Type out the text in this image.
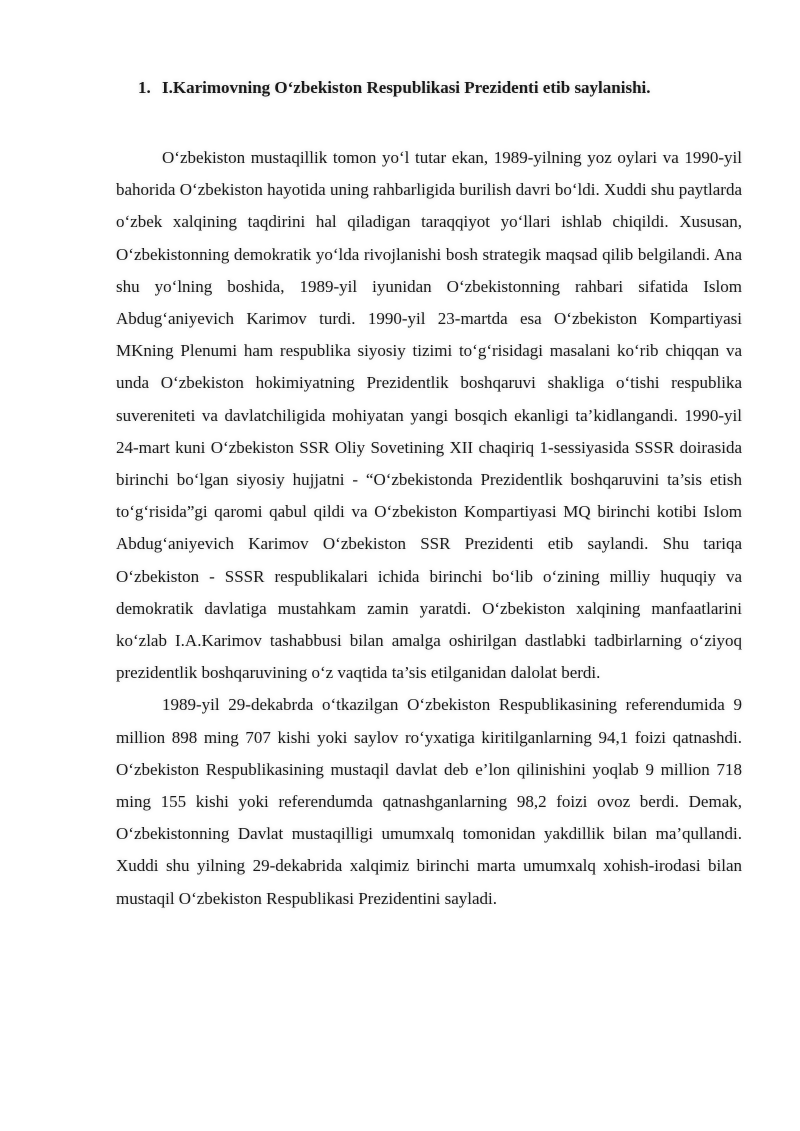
1. I.Karimovning O‘zbekiston Respublikasi Prezidenti etib saylanishi.

O‘zbekiston mustaqillik tomon yo‘l tutar ekan, 1989-yilning yoz oylari va 1990-yil bahorida O‘zbekiston hayotida uning rahbarligida burilish davri bo‘ldi. Xuddi shu paytlarda o‘zbek xalqining taqdirini hal qiladigan taraqqiyot yo‘llari ishlab chiqildi. Xususan, O‘zbekistonning demokratik yo‘lda rivojlanishi bosh strategik maqsad qilib belgilandi. Ana shu yo‘lning boshida, 1989-yil iyunidan O‘zbekistonning rahbari sifatida Islom Abdug‘aniyevich Karimov turdi. 1990-yil 23-martda esa O‘zbekiston Kompartiyasi MKning Plenumi ham respublika siyosiy tizimi to‘g‘risidagi masalani ko‘rib chiqqan va unda O‘zbekiston hokimiyatning Prezidentlik boshqaruvi shakliga o‘tishi respublika suvereniteti va davlatchiligida mohiyatan yangi bosqich ekanligi ta’kidlangandi. 1990-yil 24-mart kuni O‘zbekiston SSR Oliy Sovetining XII chaqiriq 1-sessiyasida SSSR doirasida birinchi bo‘lgan siyosiy hujjatni - “O‘zbekistonda Prezidentlik boshqaruvini ta’sis etish to‘g‘risida”gi qaromi qabul qildi va O‘zbekiston Kompartiyasi MQ birinchi kotibi Islom Abdug‘aniyevich Karimov O‘zbekiston SSR Prezidenti etib saylandi. Shu tariqa O‘zbekiston - SSSR respublikalari ichida birinchi bo‘lib o‘zining milliy huquqiy va demokratik davlatiga mustahkam zamin yaratdi. O‘zbekiston xalqining manfaatlarini ko‘zlab I.A.Karimov tashabbusi bilan amalga oshirilgan dastlabki tadbirlarning o‘ziyoq prezidentlik boshqaruvining o‘z vaqtida ta’sis etilganidan dalolat berdi.

1989-yil 29-dekabrda o‘tkazilgan O‘zbekiston Respublikasining referendumida 9 million 898 ming 707 kishi yoki saylov ro‘yxatiga kiritilganlarning 94,1 foizi qatnashdi. O‘zbekiston Respublikasining mustaqil davlat deb e’lon qilinishini yoqlab 9 million 718 ming 155 kishi yoki referendumda qatnashganlarning 98,2 foizi ovoz berdi. Demak, O‘zbekistonning Davlat mustaqilligi umumxalq tomonidan yakdillik bilan ma’qullandi. Xuddi shu yilning 29-dekabrida xalqimiz birinchi marta umumxalq xohish-irodasi bilan mustaqil O‘zbekiston Respublikasi Prezidentini sayladi.
